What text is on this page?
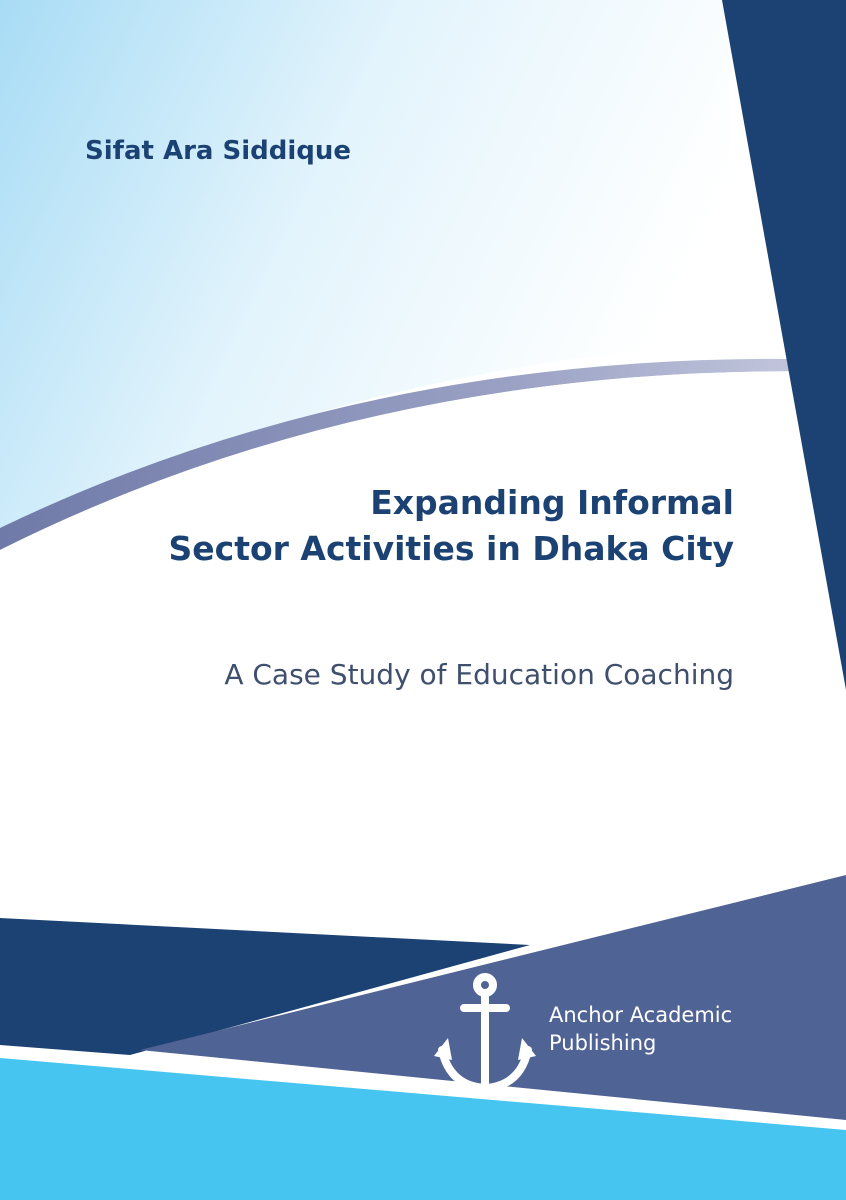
Sifat Ara Siddique
Expanding Informal
Sector Activities in Dhaka City
A Case Study of Education Coaching
Anchor Academic
Publishing
